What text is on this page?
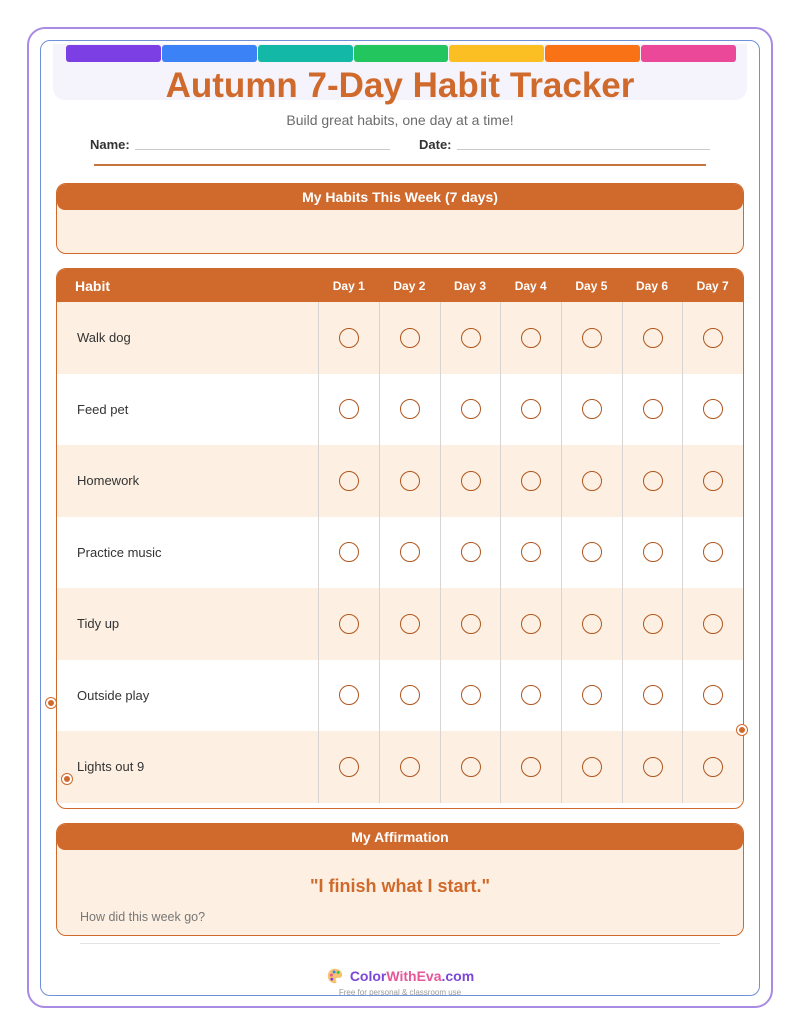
Autumn 7-Day Habit Tracker
Build great habits, one day at a time!
Name:	Date:
My Habits This Week (7 days)
Habit	Day 1	Day 2	Day 3	Day 4	Day 5	Day 6	Day 7
Walk dog
Feed pet
Homework
Practice music
Tidy up
Outside play
Lights out 9
My Affirmation
"I finish what I start."
How did this week go?
ColorWithEva.com
Free for personal & classroom use
